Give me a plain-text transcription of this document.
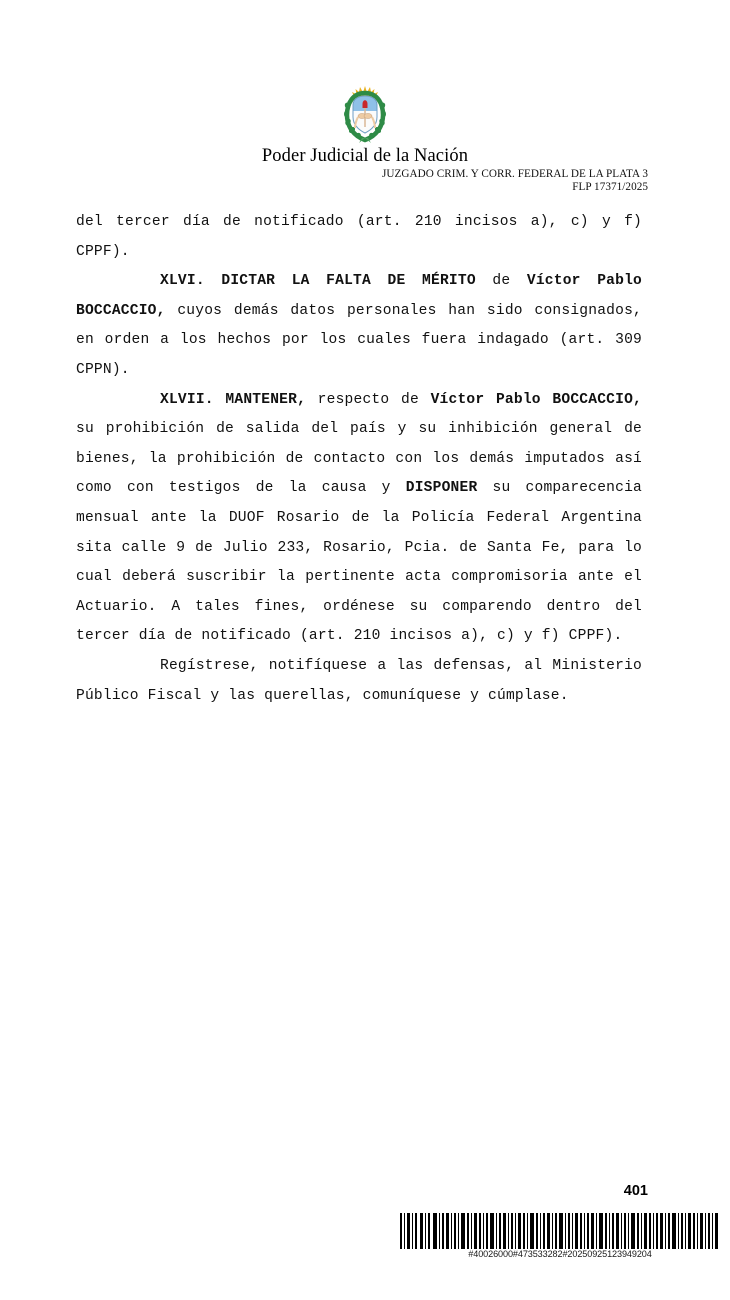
Poder Judicial de la Nación
JUZGADO CRIM. Y CORR. FEDERAL DE LA PLATA 3
FLP 17371/2025

del tercer día de notificado (art. 210 incisos a), c) y f) CPPF).

XLVI. DICTAR LA FALTA DE MÉRITO de Víctor Pablo BOCCACCIO, cuyos demás datos personales han sido consignados, en orden a los hechos por los cuales fuera indagado (art. 309 CPPN).

XLVII. MANTENER, respecto de Víctor Pablo BOCCACCIO, su prohibición de salida del país y su inhibición general de bienes, la prohibición de contacto con los demás imputados así como con testigos de la causa y DISPONER su comparecencia mensual ante la DUOF Rosario de la Policía Federal Argentina sita calle 9 de Julio 233, Rosario, Pcia. de Santa Fe, para lo cual deberá suscribir la pertinente acta compromisoria ante el Actuario. A tales fines, ordénese su comparendo dentro del tercer día de notificado (art. 210 incisos a), c) y f) CPPF).

Regístrese, notifíquese a las defensas, al Ministerio Público Fiscal y las querellas, comuníquese y cúmplase.

401
#40026000#473533282#20250925123949204
